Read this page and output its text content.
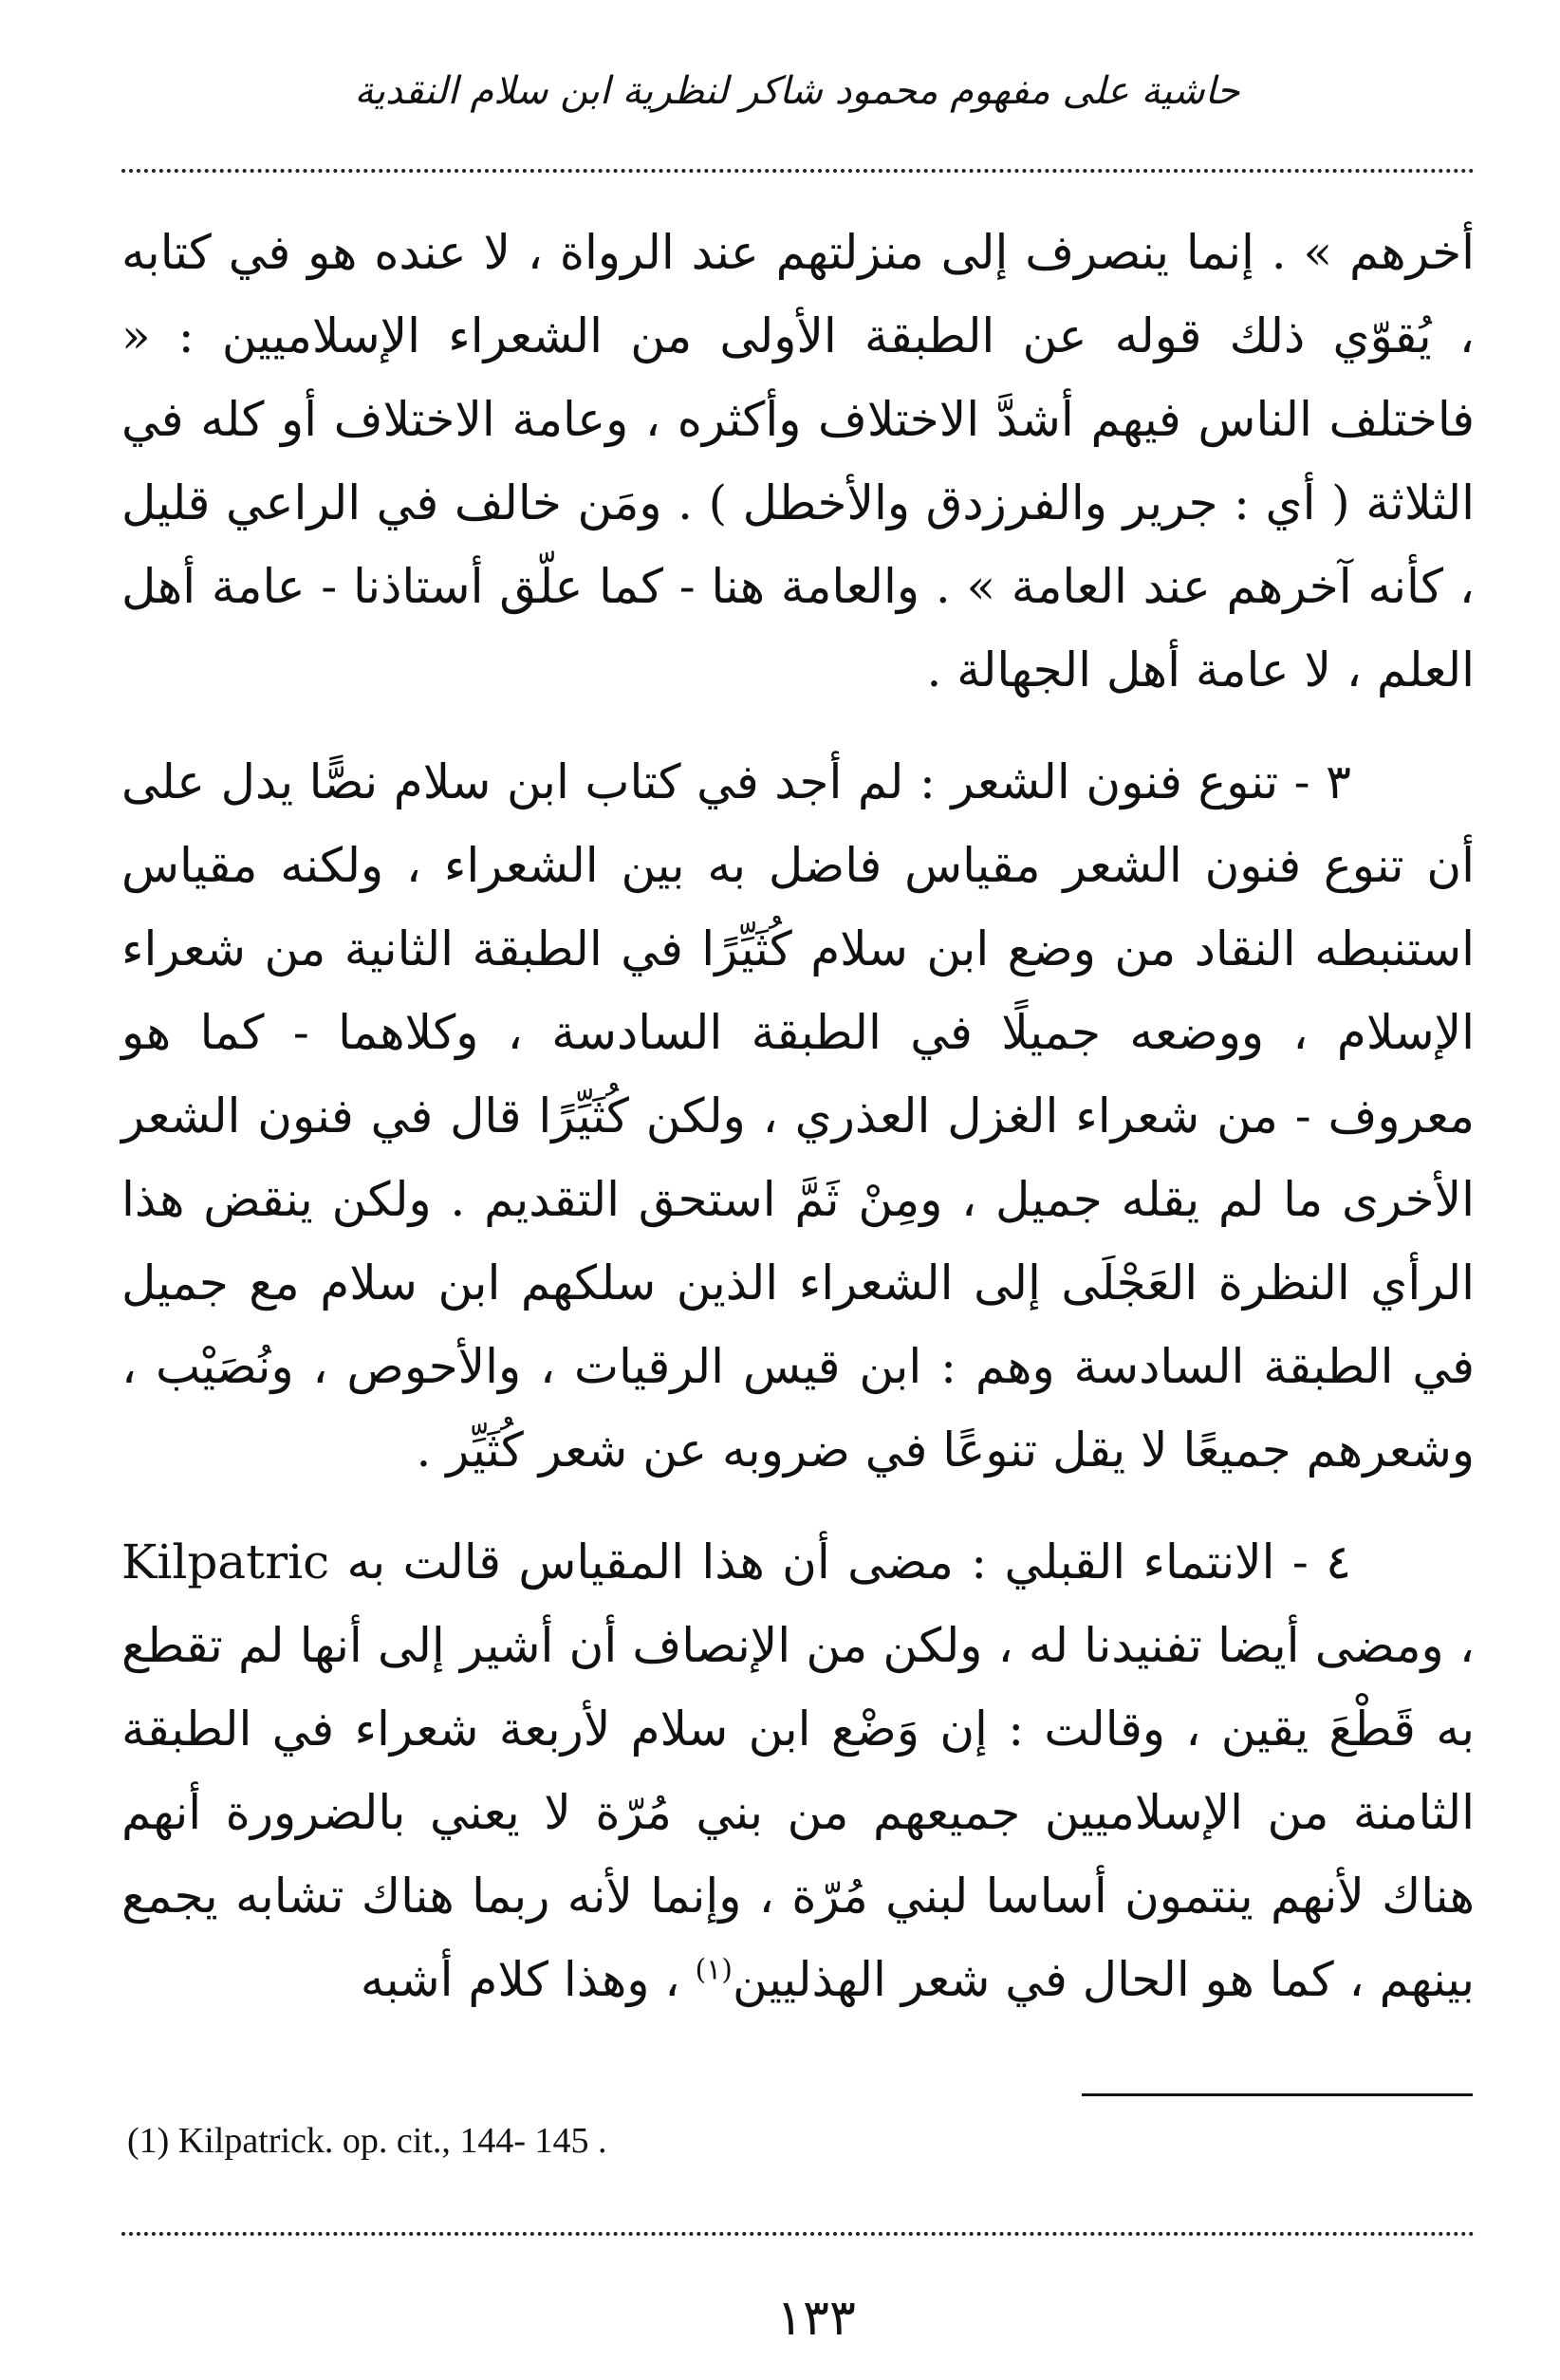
حاشية على مفهوم محمود شاكر لنظرية ابن سلام النقدية

أخرهم » . إنما ينصرف إلى منزلتهم عند الرواة ، لا عنده هو في كتابه ، يُقوّي ذلك قوله عن الطبقة الأولى من الشعراء الإسلاميين : « فاختلف الناس فيهم أشدَّ الاختلاف وأكثره ، وعامة الاختلاف أو كله في الثلاثة ( أي : جرير والفرزدق والأخطل ) . ومَن خالف في الراعي قليل ، كأنه آخرهم عند العامة » . والعامة هنا - كما علّق أستاذنا - عامة أهل العلم ، لا عامة أهل الجهالة .

٣ - تنوع فنون الشعر : لم أجد في كتاب ابن سلام نصًّا يدل على أن تنوع فنون الشعر مقياس فاضل به بين الشعراء ، ولكنه مقياس استنبطه النقاد من وضع ابن سلام كُثَيِّرًا في الطبقة الثانية من شعراء الإسلام ، ووضعه جميلًا في الطبقة السادسة ، وكلاهما - كما هو معروف - من شعراء الغزل العذري ، ولكن كُثَيِّرًا قال في فنون الشعر الأخرى ما لم يقله جميل ، ومِنْ ثَمَّ استحق التقديم . ولكن ينقض هذا الرأي النظرة العَجْلَى إلى الشعراء الذين سلكهم ابن سلام مع جميل في الطبقة السادسة وهم : ابن قيس الرقيات ، والأحوص ، ونُصَيْب ، وشعرهم جميعًا لا يقل تنوعًا في ضروبه عن شعر كُثَيِّر .

٤ - الانتماء القبلي : مضى أن هذا المقياس قالت به Kilpatric ، ومضى أيضا تفنيدنا له ، ولكن من الإنصاف أن أشير إلى أنها لم تقطع به قَطْعَ يقين ، وقالت : إن وَضْع ابن سلام لأربعة شعراء في الطبقة الثامنة من الإسلاميين جميعهم من بني مُرّة لا يعني بالضرورة أنهم هناك لأنهم ينتمون أساسا لبني مُرّة ، وإنما لأنه ربما هناك تشابه يجمع بينهم ، كما هو الحال في شعر الهذليين$^{(١)}$ ، وهذا كلام أشبه

(1) Kilpatrick. op. cit., 144- 145 .
١٣٣
